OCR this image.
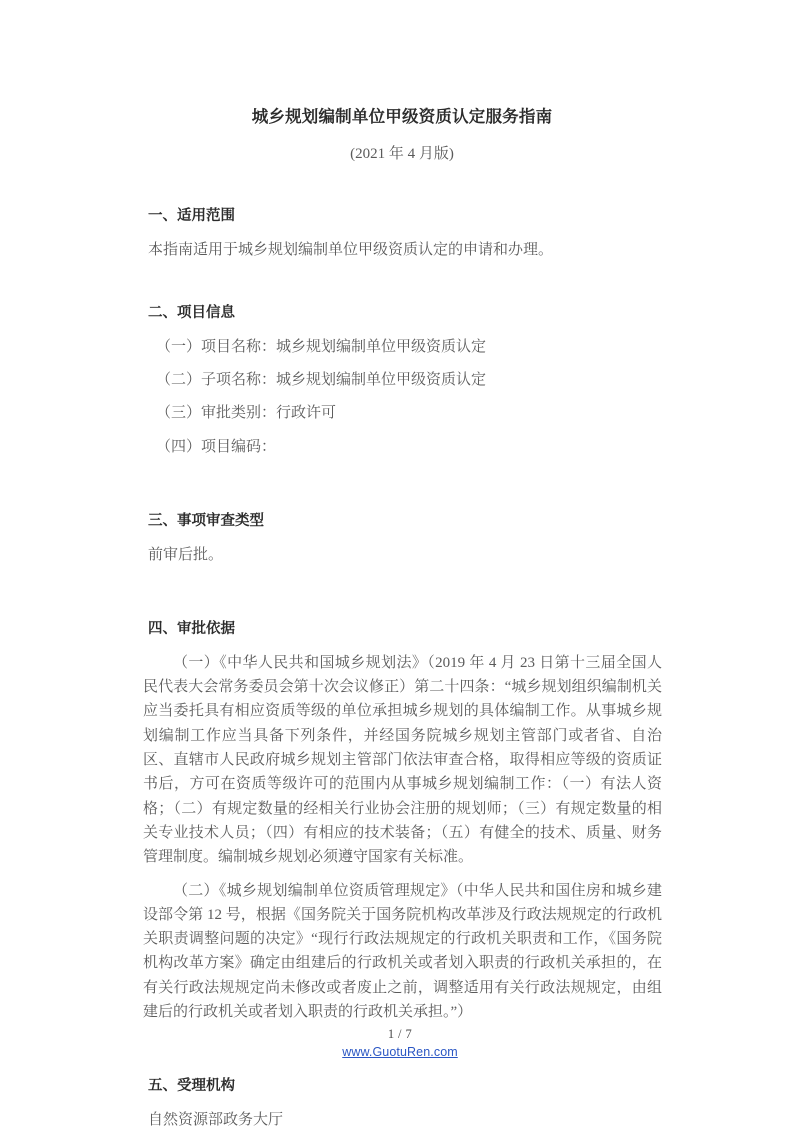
城乡规划编制单位甲级资质认定服务指南
(2021 年 4 月版)
一、适用范围

本指南适用于城乡规划编制单位甲级资质认定的申请和办理。

二、项目信息

（一）项目名称：城乡规划编制单位甲级资质认定

（二）子项名称：城乡规划编制单位甲级资质认定

（三）审批类别：行政许可

（四）项目编码：

三、事项审查类型

前审后批。

四、审批依据

（一）《中华人民共和国城乡规划法》（2019 年 4 月 23 日第十三届全国人民代表大会常务委员会第十次会议修正）第二十四条：“城乡规划组织编制机关应当委托具有相应资质等级的单位承担城乡规划的具体编制工作。从事城乡规划编制工作应当具备下列条件，并经国务院城乡规划主管部门或者省、自治区、直辖市人民政府城乡规划主管部门依法审查合格，取得相应等级的资质证书后，方可在资质等级许可的范围内从事城乡规划编制工作：（一）有法人资格；（二）有规定数量的经相关行业协会注册的规划师；（三）有规定数量的相关专业技术人员；（四）有相应的技术装备；（五）有健全的技术、质量、财务管理制度。编制城乡规划必须遵守国家有关标准。

（二）《城乡规划编制单位资质管理规定》（中华人民共和国住房和城乡建设部令第 12 号，根据《国务院关于国务院机构改革涉及行政法规规定的行政机关职责调整问题的决定》“现行行政法规规定的行政机关职责和工作，《国务院机构改革方案》确定由组建后的行政机关或者划入职责的行政机关承担的，在有关行政法规规定尚未修改或者废止之前，调整适用有关行政法规规定，由组建后的行政机关或者划入职责的行政机关承担。”）

五、受理机构

自然资源部政务大厅

1 / 7
www.GuotuRen.com
